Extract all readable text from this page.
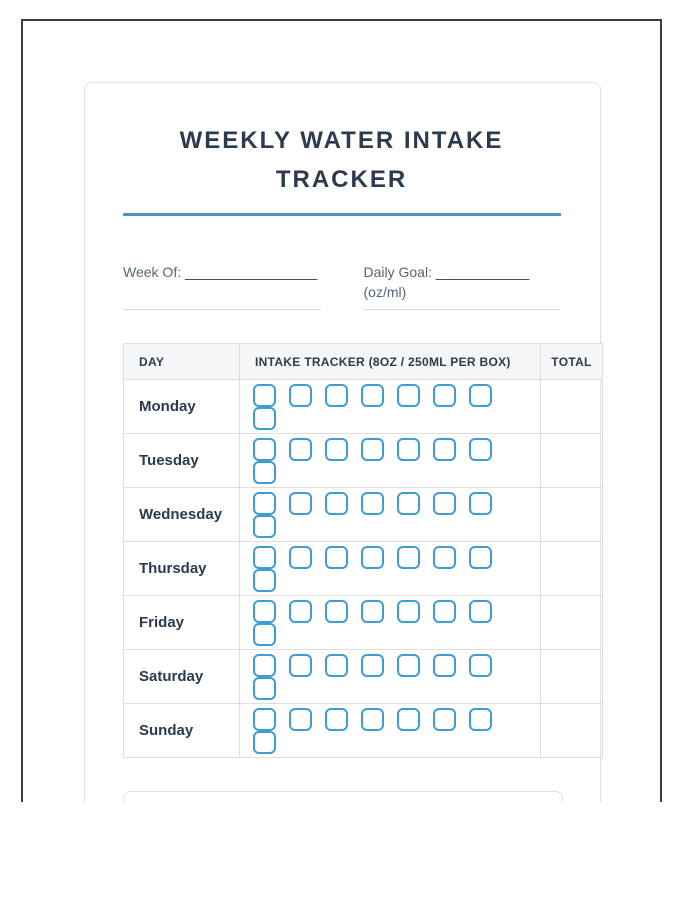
WEEKLY WATER INTAKE TRACKER
Week Of: _________________	Daily Goal: ____________
(oz/ml)
DAY	INTAKE TRACKER (8OZ / 250ML PER BOX)	TOTAL
Monday		
Tuesday		
Wednesday		
Thursday		
Friday		
Saturday		
Sunday		
